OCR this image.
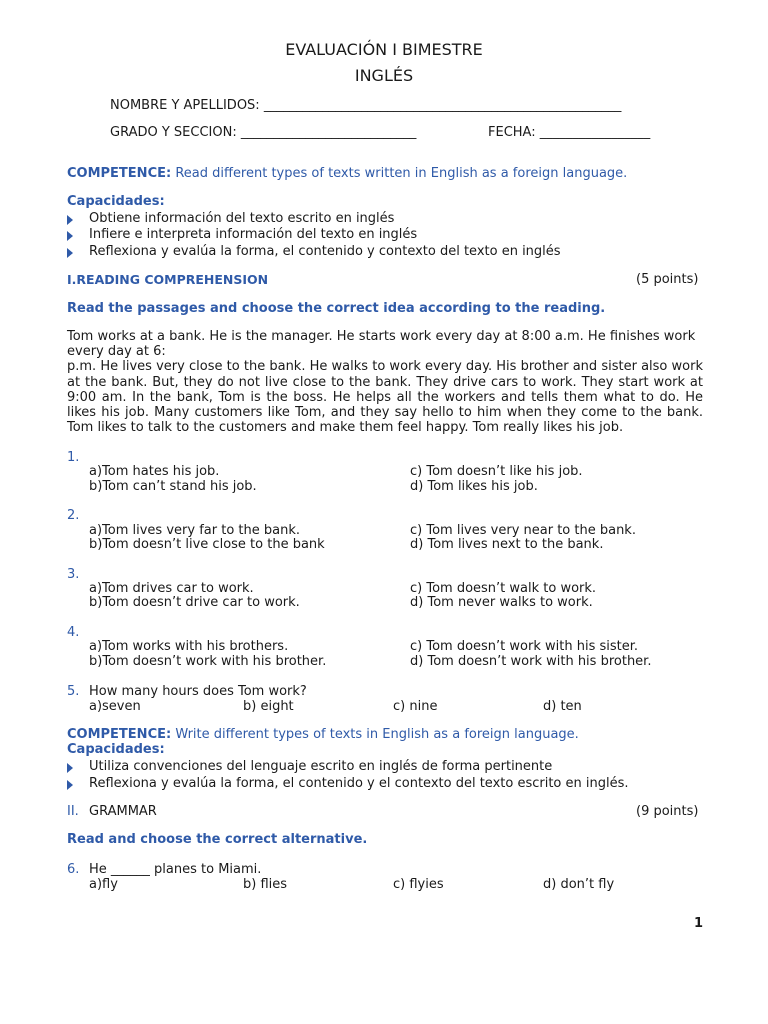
EVALUACIÓN I BIMESTRE
INGLÉS
NOMBRE Y APELLIDOS: _______________________________________________________
GRADO Y SECCION: ___________________________	FECHA: _________________
COMPETENCE: Read different types of texts written in English as a foreign language.
Capacidades:
Obtiene información del texto escrito en inglés
Infiere e interpreta información del texto en inglés
Reflexiona y evalúa la forma, el contenido y contexto del texto en inglés
I.READING COMPREHENSION	(5 points)
Read the passages and choose the correct idea according to the reading.

Tom works at a bank. He is the manager. He starts work every day at 8:00 a.m. He finishes work every day at 6:

p.m. He lives very close to the bank. He walks to work every day. His brother and sister also work at the bank. But, they do not live close to the bank. They drive cars to work. They start work at 9:00 am. In the bank, Tom is the boss. He helps all the workers and tells them what to do. He likes his job. Many customers like Tom, and they say hello to him when they come to the bank. Tom likes to talk to the customers and make them feel happy. Tom really likes his job.

1.
a)Tom hates his job.
b)Tom can’t stand his job.
c) Tom doesn’t like his job.
d) Tom likes his job.
2.
a)Tom lives very far to the bank.
b)Tom doesn’t live close to the bank
c) Tom lives very near to the bank.
d) Tom lives next to the bank.
3.
a)Tom drives car to work.
b)Tom doesn’t drive car to work.
c) Tom doesn’t walk to work.
d) Tom never walks to work.
4.
a)Tom works with his brothers.
b)Tom doesn’t work with his brother.
c) Tom doesn’t work with his sister.
d) Tom doesn’t work with his brother.
5. How many hours does Tom work?
a)seven	b) eight	c) nine	d) ten
COMPETENCE: Write different types of texts in English as a foreign language.
Capacidades:
Utiliza convenciones del lenguaje escrito en inglés de forma pertinente
Reflexiona y evalúa la forma, el contenido y el contexto del texto escrito en inglés.
II. GRAMMAR	(9 points)
Read and choose the correct alternative.
6. He ______ planes to Miami.
a)fly	b) flies	c) flyies	d) don’t fly
1
